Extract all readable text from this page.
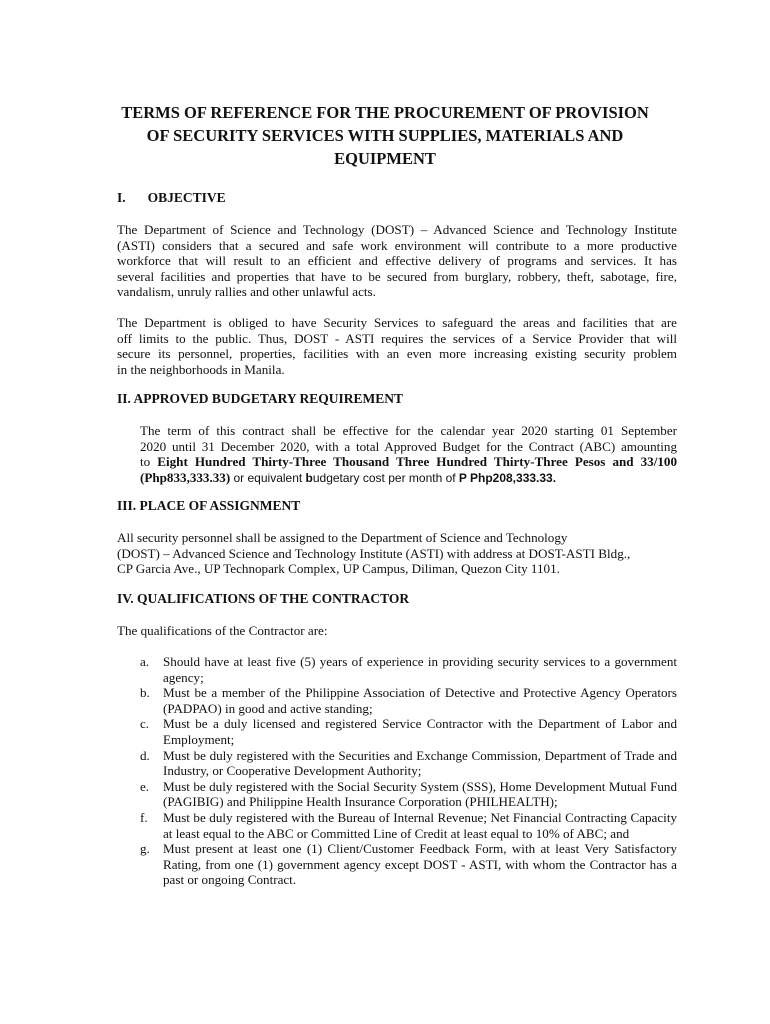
TERMS OF REFERENCE FOR THE PROCUREMENT OF PROVISION
OF SECURITY SERVICES WITH SUPPLIES, MATERIALS AND
EQUIPMENT
I. OBJECTIVE
The Department of Science and Technology (DOST) – Advanced Science and Technology Institute
(ASTI) considers that a secured and safe work environment will contribute to a more productive
workforce that will result to an efficient and effective delivery of programs and services. It has
several facilities and properties that have to be secured from burglary, robbery, theft, sabotage, fire,
vandalism, unruly rallies and other unlawful acts.
The Department is obliged to have Security Services to safeguard the areas and facilities that are
off limits to the public. Thus, DOST - ASTI requires the services of a Service Provider that will
secure its personnel, properties, facilities with an even more increasing existing security problem
in the neighborhoods in Manila.
II. APPROVED BUDGETARY REQUIREMENT
The term of this contract shall be effective for the calendar year 2020 starting 01 September
2020 until 31 December 2020, with a total Approved Budget for the Contract (ABC) amounting
to Eight Hundred Thirty-Three Thousand Three Hundred Thirty-Three Pesos and 33/100
(Php833,333.33) or equivalent budgetary cost per month of P Php208,333.33.
III. PLACE OF ASSIGNMENT
All security personnel shall be assigned to the Department of Science and Technology
(DOST) – Advanced Science and Technology Institute (ASTI) with address at DOST-ASTI Bldg.,
CP Garcia Ave., UP Technopark Complex, UP Campus, Diliman, Quezon City 1101.
IV. QUALIFICATIONS OF THE CONTRACTOR
The qualifications of the Contractor are:
a. Should have at least five (5) years of experience in providing security services to a government agency;
b. Must be a member of the Philippine Association of Detective and Protective Agency Operators (PADPAO) in good and active standing;
c. Must be a duly licensed and registered Service Contractor with the Department of Labor and Employment;
d. Must be duly registered with the Securities and Exchange Commission, Department of Trade and Industry, or Cooperative Development Authority;
e. Must be duly registered with the Social Security System (SSS), Home Development Mutual Fund (PAGIBIG) and Philippine Health Insurance Corporation (PHILHEALTH);
f. Must be duly registered with the Bureau of Internal Revenue; Net Financial Contracting Capacity at least equal to the ABC or Committed Line of Credit at least equal to 10% of ABC; and
g. Must present at least one (1) Client/Customer Feedback Form, with at least Very Satisfactory Rating, from one (1) government agency except DOST - ASTI, with whom the Contractor has a past or ongoing Contract.
